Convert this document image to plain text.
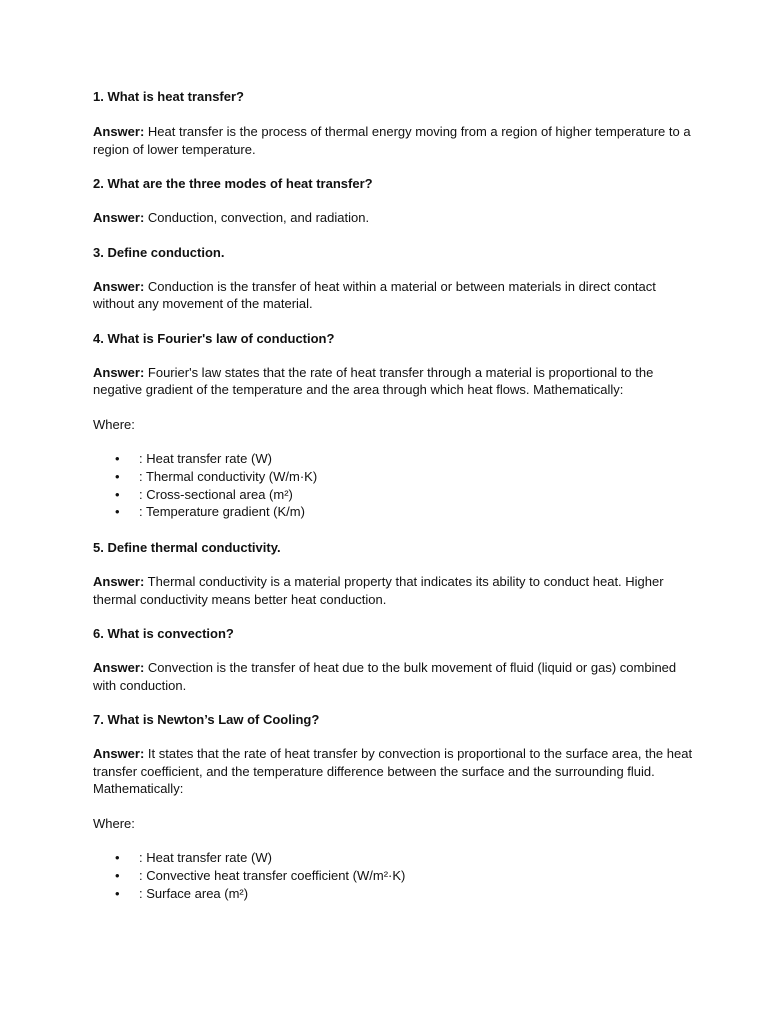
1. What is heat transfer?

Answer: Heat transfer is the process of thermal energy moving from a region of higher temperature to a region of lower temperature.

2. What are the three modes of heat transfer?

Answer: Conduction, convection, and radiation.

3. Define conduction.

Answer: Conduction is the transfer of heat within a material or between materials in direct contact without any movement of the material.

4. What is Fourier's law of conduction?

Answer: Fourier's law states that the rate of heat transfer through a material is proportional to the negative gradient of the temperature and the area through which heat flows. Mathematically:

Where:

• : Heat transfer rate (W)
• : Thermal conductivity (W/m·K)
• : Cross-sectional area (m²)
• : Temperature gradient (K/m)

5. Define thermal conductivity.

Answer: Thermal conductivity is a material property that indicates its ability to conduct heat. Higher thermal conductivity means better heat conduction.

6. What is convection?

Answer: Convection is the transfer of heat due to the bulk movement of fluid (liquid or gas) combined with conduction.

7. What is Newton’s Law of Cooling?

Answer: It states that the rate of heat transfer by convection is proportional to the surface area, the heat transfer coefficient, and the temperature difference between the surface and the surrounding fluid. Mathematically:

Where:

• : Heat transfer rate (W)
• : Convective heat transfer coefficient (W/m²·K)
• : Surface area (m²)
